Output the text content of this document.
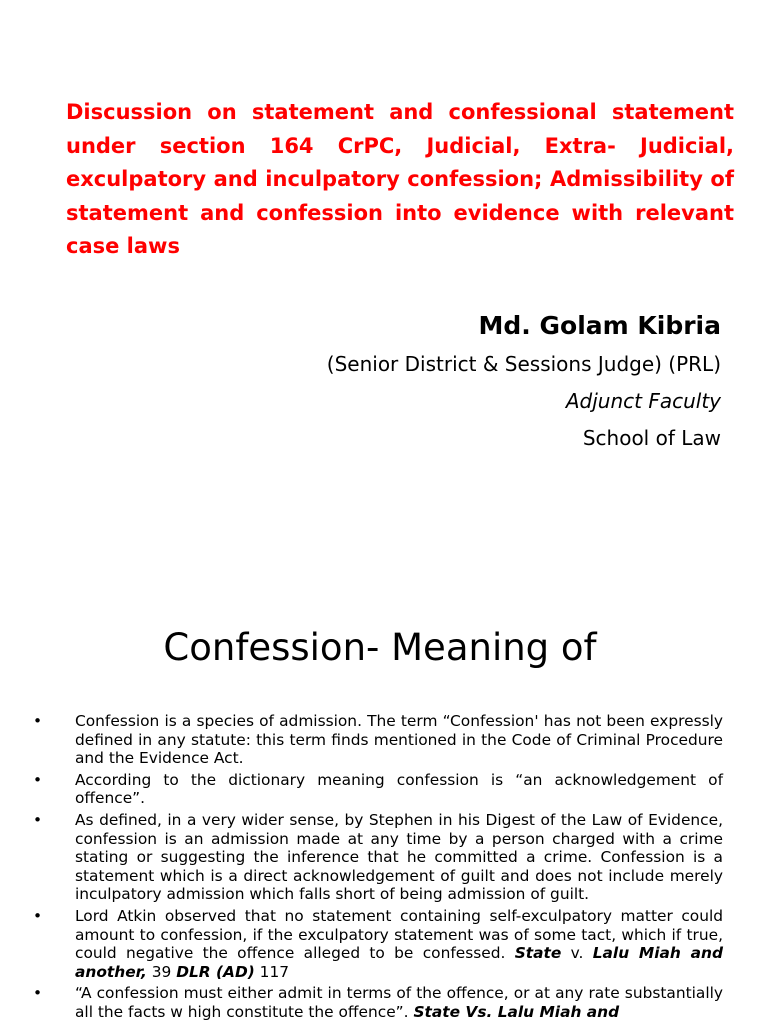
Discussion on statement and confessional statement under section 164 CrPC, Judicial, Extra- Judicial, exculpatory and inculpatory confession; Admissibility of statement and confession into evidence with relevant case laws

Md. Golam Kibria

(Senior District & Sessions Judge) (PRL)

Adjunct Faculty

School of Law

Confession- Meaning of
• Confession is a species of admission. The term “Confession' has not been expressly defined in any statute: this term finds mentioned in the Code of Criminal Procedure and the Evidence Act.
• According to the dictionary meaning confession is “an acknowledgement of offence”.
• As defined, in a very wider sense, by Stephen in his Digest of the Law of Evidence, confession is an admission made at any time by a person charged with a crime stating or suggesting the inference that he committed a crime. Confession is a statement which is a direct acknowledgement of guilt and does not include merely inculpatory admission which falls short of being admission of guilt.
• Lord Atkin observed that no statement containing self-exculpatory matter could amount to confession, if the exculpatory statement was of some tact, which if true, could negative the offence alleged to be confessed. State v. Lalu Miah and another, 39 DLR (AD) 117
• “A confession must either admit in terms of the offence, or at any rate substantially all the facts w high constitute the offence”. State Vs. Lalu Miah and
